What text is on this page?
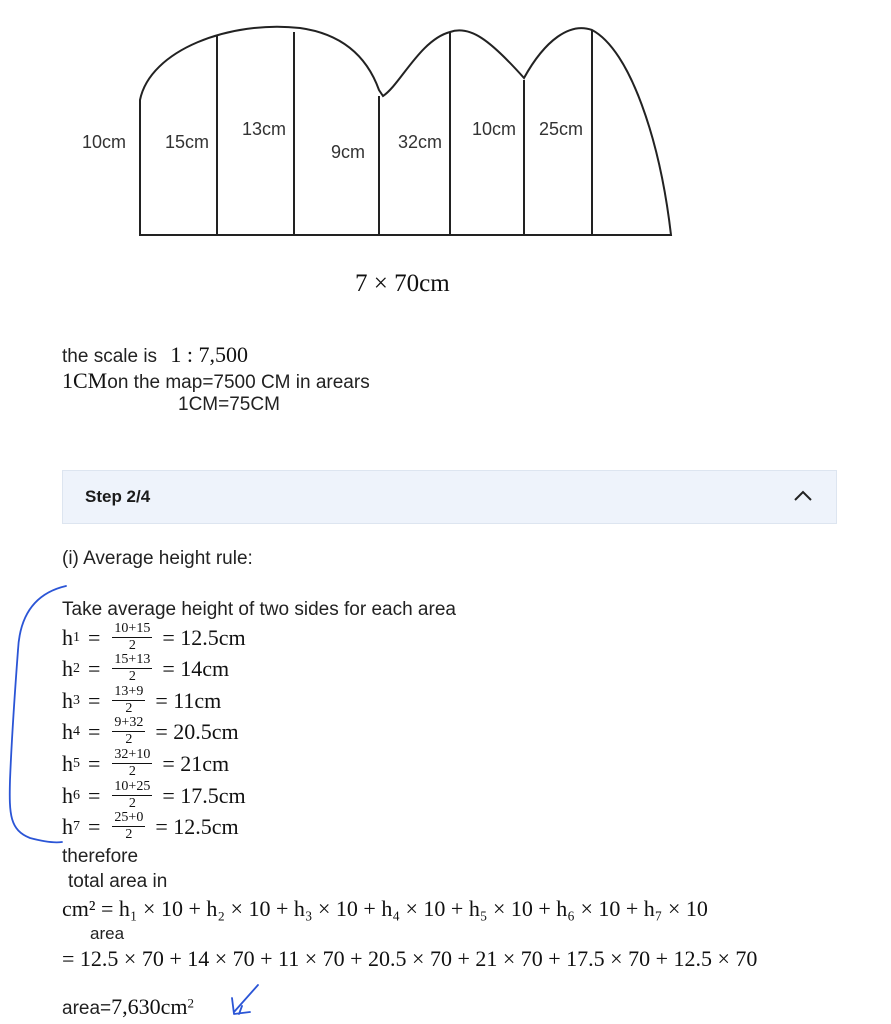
10cm 15cm
13cm
9cm 32cm
10cm 25cm
7 × 70cm
the scale is 1 : 7,500
1CMon the map=7500 CM in arears
1CM=75CM
Step 2/4
(i) Average height rule:
Take average height of two sides for each area
h $1 = \frac{10+15}{2} = 12.5cm$
h $2 = \frac{15+13}{2} = 14cm$
h $3 = \frac{13+9}{2} = 11cm$
h $4 = \frac{9+32}{2} = 20.5cm$
h $5 = \frac{32+10}{2} = 21cm$
h $6 = \frac{10+25}{2} = 17.5cm$
h $7 = \frac{25+0}{2} = 12.5cm$
therefore
total area in
cm² = h₁ × 10 + h₂ × 10 + h₃ × 10 + h₄ × 10 + h₅ × 10 + h₆ × 10 + h₇ × 10
area
= 12.5 × 70 + 14 × 70 + 11 × 70 + 20.5 × 70 + 21 × 70 + 17.5 × 70 + 12.5 × 70
$area=7,630cm^2$
